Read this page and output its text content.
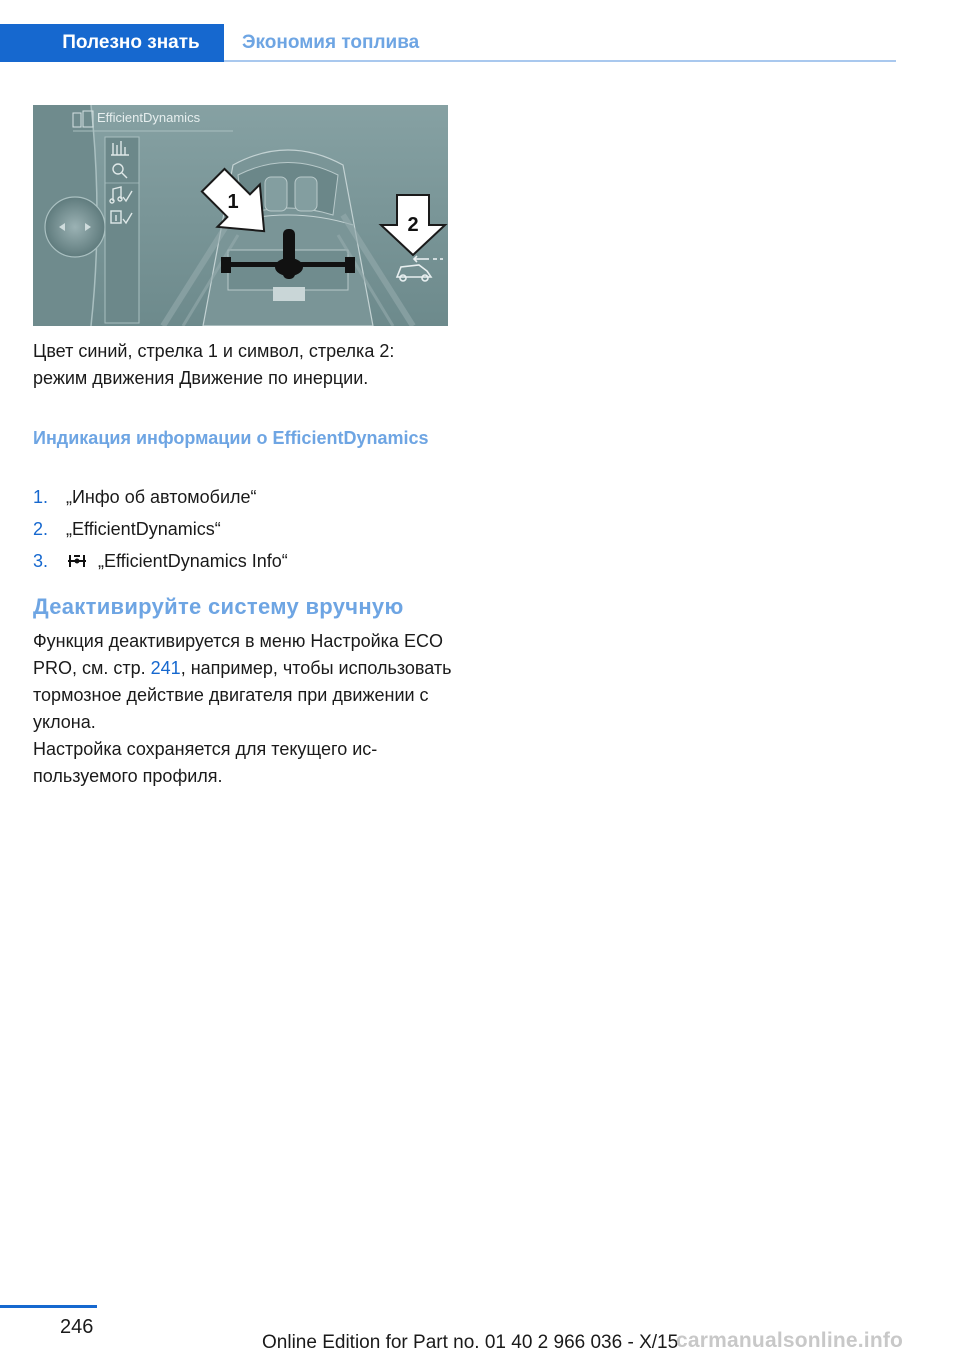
Полезно знать	Экономия топлива
EfficientDynamics
1
2
Цвет синий, стрелка 1 и символ, стрелка 2: режим движения Движение по инерции.
Индикация информации о EfficientDynamics
1. „Инфо об автомобиле“
2. „EfficientDynamics“
3.	„EfficientDynamics Info“
Деактивируйте систему вручную

Функция деактивируется в меню Настройка ECO PRO, см. стр. 241, например, чтобы использовать тормозное действие двигателя при движении с уклона.

Настройка сохраняется для текущего используемого профиля.

246
Online Edition for Part no. 01 40 2 966 036 - X/15
carmanualsonline.info
